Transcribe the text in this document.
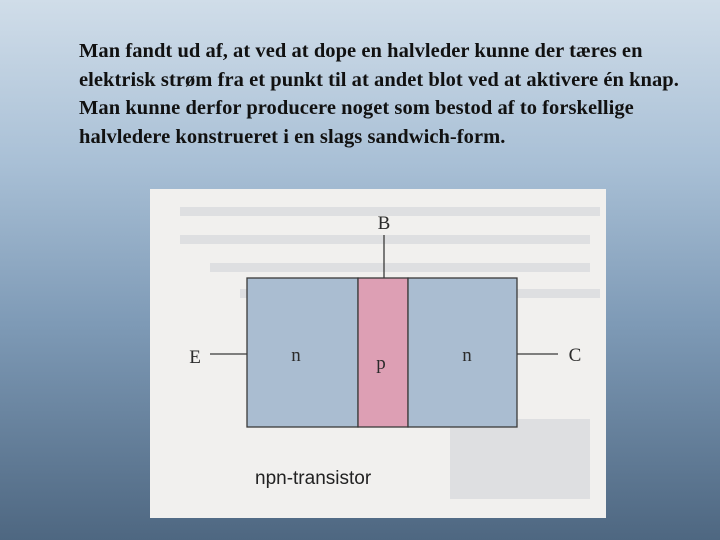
Man fandt ud af, at ved at dope en halvleder kunne der tæres en elektrisk strøm fra et punkt til at andet blot ved at aktivere én knap. Man kunne derfor producere noget som bestod af to forskellige halvledere konstrueret i en slags sandwich-form.

B
E	C
n	p	n
npn-transistor
